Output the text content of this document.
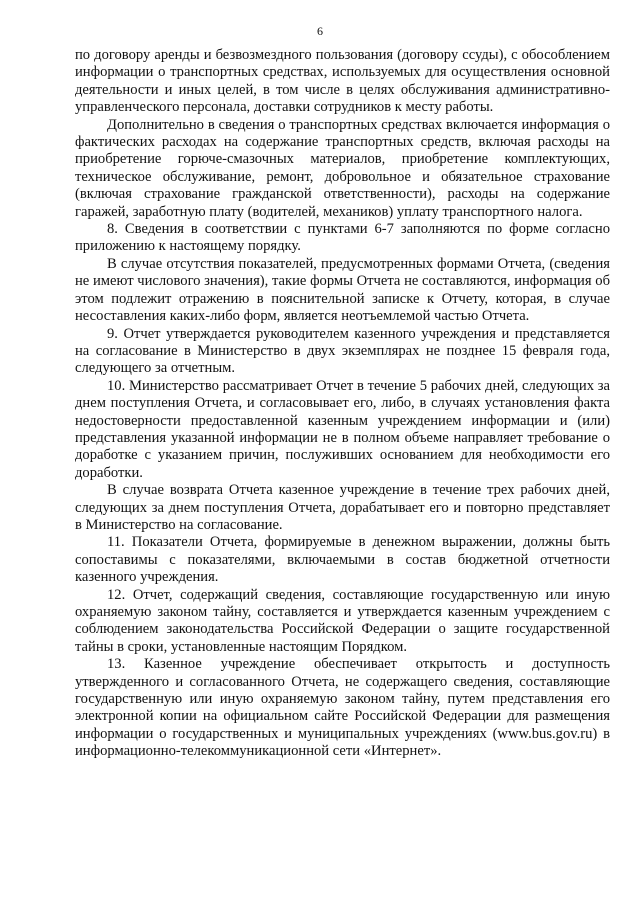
6

по договору аренды и безвозмездного пользования (договору ссуды), с обособлением информации о транспортных средствах, используемых для осуществления основной деятельности и иных целей, в том числе в целях обслуживания административно-управленческого персонала, доставки сотрудников к месту работы.

Дополнительно в сведения о транспортных средствах включается информация о фактических расходах на содержание транспортных средств, включая расходы на приобретение горюче-смазочных материалов, приобретение комплектующих, техническое обслуживание, ремонт, добровольное и обязательное страхование (включая страхование гражданской ответственности), расходы на содержание гаражей, заработную плату (водителей, механиков) уплату транспортного налога.

8. Сведения в соответствии с пунктами 6-7 заполняются по форме согласно приложению к настоящему порядку.

В случае отсутствия показателей, предусмотренных формами Отчета, (сведения не имеют числового значения), такие формы Отчета не составляются, информация об этом подлежит отражению в пояснительной записке к Отчету, которая, в случае несоставления каких-либо форм, является неотъемлемой частью Отчета.

9. Отчет утверждается руководителем казенного учреждения и представляется на согласование в Министерство в двух экземплярах не позднее 15 февраля года, следующего за отчетным.

10. Министерство рассматривает Отчет в течение 5 рабочих дней, следующих за днем поступления Отчета, и согласовывает его, либо, в случаях установления факта недостоверности предоставленной казенным учреждением информации и (или) представления указанной информации не в полном объеме направляет требование о доработке с указанием причин, послуживших основанием для необходимости его доработки.

В случае возврата Отчета казенное учреждение в течение трех рабочих дней, следующих за днем поступления Отчета, дорабатывает его и повторно представляет в Министерство на согласование.

11. Показатели Отчета, формируемые в денежном выражении, должны быть сопоставимы с показателями, включаемыми в состав бюджетной отчетности казенного учреждения.

12. Отчет, содержащий сведения, составляющие государственную или иную охраняемую законом тайну, составляется и утверждается казенным учреждением с соблюдением законодательства Российской Федерации о защите государственной тайны в сроки, установленные настоящим Порядком.

13. Казенное учреждение обеспечивает открытость и доступность утвержденного и согласованного Отчета, не содержащего сведения, составляющие государственную или иную охраняемую законом тайну, путем представления его электронной копии на официальном сайте Российской Федерации для размещения информации о государственных и муниципальных учреждениях (www.bus.gov.ru) в информационно-телекоммуникационной сети «Интернет».
